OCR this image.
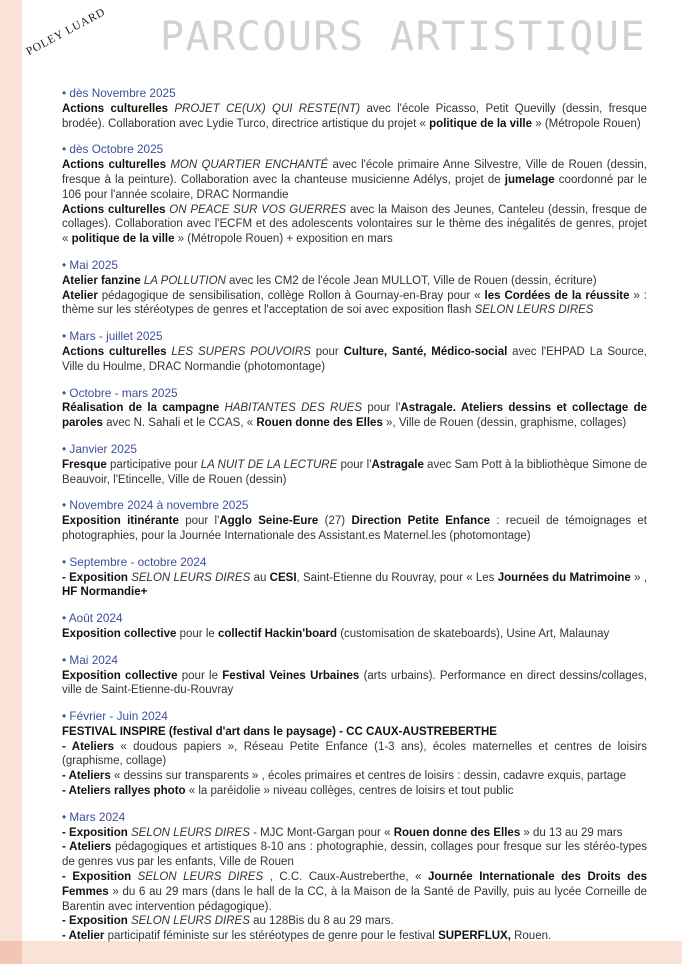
POLEY LUARD PARCOURS ARTISTIQUE
• dès Novembre 2025

Actions culturelles PROJET CE(UX) QUI RESTE(NT) avec l'école Picasso, Petit Quevilly (dessin, fresque brodée). Collaboration avec Lydie Turco, directrice artistique du projet « politique de la ville » (Métropole Rouen)

• dès Octobre 2025

Actions culturelles MON QUARTIER ENCHANTÉ avec l'école primaire Anne Silvestre, Ville de Rouen (dessin, fresque à la peinture). Collaboration avec la chanteuse musicienne Adélys, projet de jumelage coordonné par le 106 pour l'année scolaire, DRAC Normandie

Actions culturelles ON PEACE SUR VOS GUERRES avec la Maison des Jeunes, Canteleu (dessin, fresque de collages). Collaboration avec l'ECFM et des adolescents volontaires sur le thème des inégalités de genres, projet « politique de la ville » (Métropole Rouen) + exposition en mars

• Mai 2025

Atelier fanzine LA POLLUTION avec les CM2 de l'école Jean MULLOT, Ville de Rouen (dessin, écriture)

Atelier pédagogique de sensibilisation, collège Rollon à Gournay-en-Bray pour « les Cordées de la réussite » : thème sur les stéréotypes de genres et l'acceptation de soi avec exposition flash SELON LEURS DIRES

• Mars - juillet 2025

Actions culturelles LES SUPERS POUVOIRS pour Culture, Santé, Médico-social avec l'EHPAD La Source, Ville du Houlme, DRAC Normandie (photomontage)

• Octobre - mars 2025

Réalisation de la campagne HABITANTES DES RUES pour l'Astragale. Ateliers dessins et collectage de paroles avec N. Sahali et le CCAS, « Rouen donne des Elles », Ville de Rouen (dessin, graphisme, collages)

• Janvier 2025

Fresque participative pour LA NUIT DE LA LECTURE pour l'Astragale avec Sam Pott à la bibliothèque Simone de Beauvoir, l'Etincelle, Ville de Rouen (dessin)

• Novembre 2024 à novembre 2025

Exposition itinérante pour l'Agglo Seine-Eure (27) Direction Petite Enfance : recueil de témoignages et photographies, pour la Journée Internationale des Assistant.es Maternel.les (photomontage)

• Septembre - octobre 2024

- Exposition SELON LEURS DIRES au CESI, Saint-Etienne du Rouvray, pour « Les Journées du Matrimoine » , HF Normandie+

• Août 2024

Exposition collective pour le collectif Hackin'board (customisation de skateboards), Usine Art, Malaunay

• Mai 2024

Exposition collective pour le Festival Veines Urbaines (arts urbains). Performance en direct dessins/collages, ville de Saint-Etienne-du-Rouvray

• Février - Juin 2024

FESTIVAL INSPIRE (festival d'art dans le paysage) - CC CAUX-AUSTREBERTHE

- Ateliers « doudous papiers », Réseau Petite Enfance (1-3 ans), écoles maternelles et centres de loisirs (graphisme, collage)

- Ateliers « dessins sur transparents » , écoles primaires et centres de loisirs : dessin, cadavre exquis, partage

- Ateliers rallyes photo « la paréidolie » niveau collèges, centres de loisirs et tout public

• Mars 2024

- Exposition SELON LEURS DIRES - MJC Mont-Gargan pour « Rouen donne des Elles » du 13 au 29 mars

- Ateliers pédagogiques et artistiques 8-10 ans : photographie, dessin, collages pour fresque sur les stéréo-types de genres vus par les enfants, Ville de Rouen

- Exposition SELON LEURS DIRES , C.C. Caux-Austreberthe, « Journée Internationale des Droits des Femmes » du 6 au 29 mars (dans le hall de la CC, à la Maison de la Santé de Pavilly, puis au lycée Corneille de Barentin avec intervention pédagogique).

- Exposition SELON LEURS DIRES au 128Bis du 8 au 29 mars.

- Atelier participatif féministe sur les stéréotypes de genre pour le festival SUPERFLUX, Rouen.
